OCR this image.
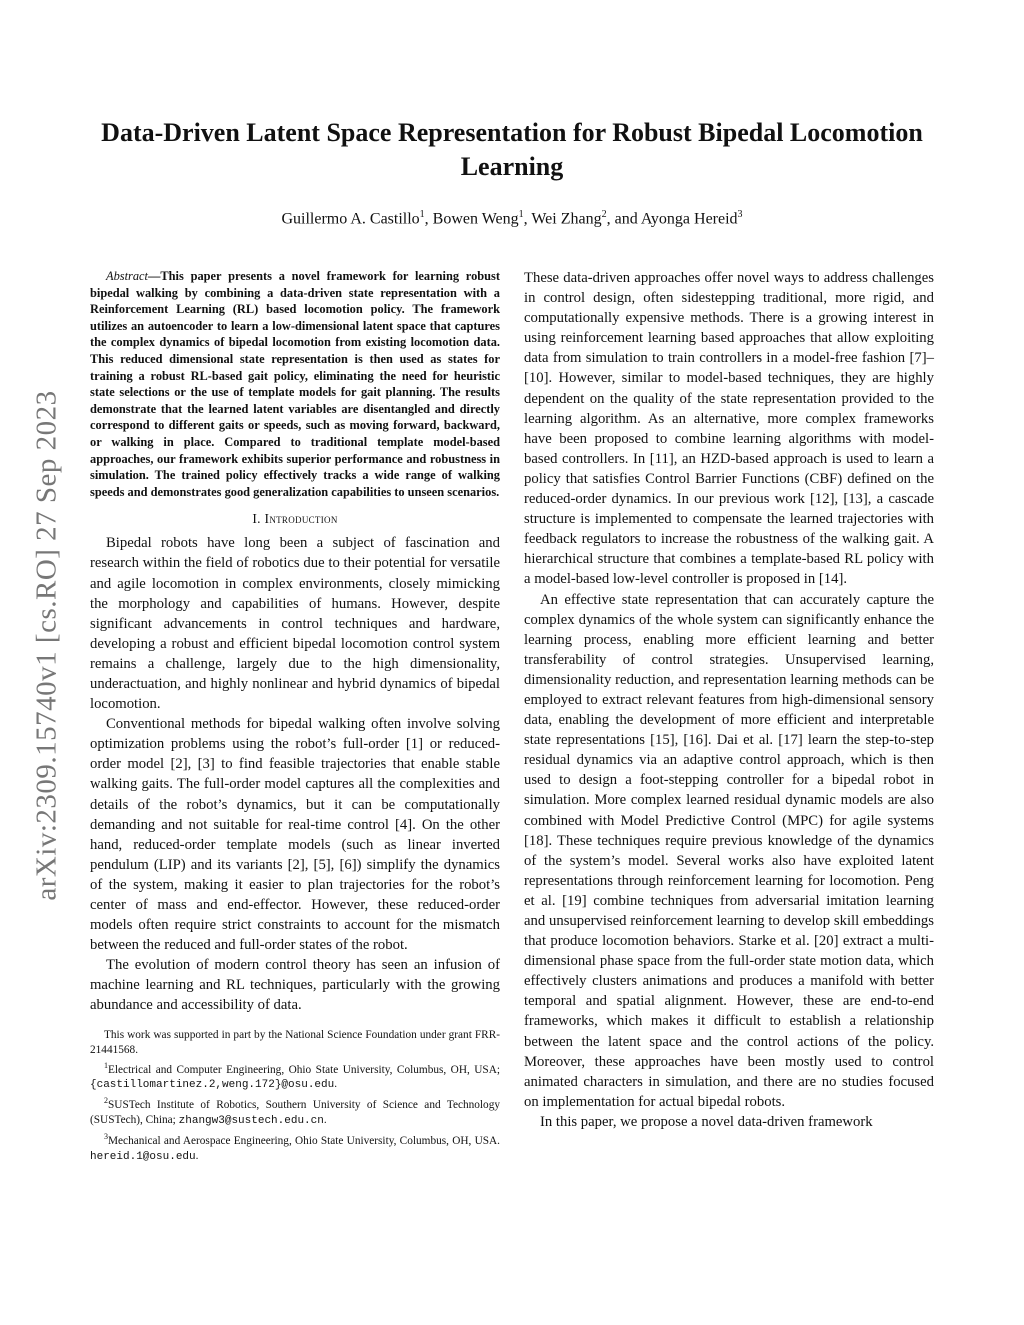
arXiv:2309.15740v1 [cs.RO] 27 Sep 2023
Data-Driven Latent Space Representation for Robust Bipedal Locomotion Learning
Guillermo A. Castillo$^1$, Bowen Weng$^1$, Wei Zhang$^2$, and Ayonga Hereid$^3$

Abstract—This paper presents a novel framework for learning robust bipedal walking by combining a data-driven state representation with a Reinforcement Learning (RL) based locomotion policy. The framework utilizes an autoencoder to learn a low-dimensional latent space that captures the complex dynamics of bipedal locomotion from existing locomotion data. This reduced dimensional state representation is then used as states for training a robust RL-based gait policy, eliminating the need for heuristic state selections or the use of template models for gait planning. The results demonstrate that the learned latent variables are disentangled and directly correspond to different gaits or speeds, such as moving forward, backward, or walking in place. Compared to traditional template model-based approaches, our framework exhibits superior performance and robustness in simulation. The trained policy effectively tracks a wide range of walking speeds and demonstrates good generalization capabilities to unseen scenarios.

I. Introduction

Bipedal robots have long been a subject of fascination and research within the field of robotics due to their potential for versatile and agile locomotion in complex environments, closely mimicking the morphology and capabilities of humans. However, despite significant advancements in control techniques and hardware, developing a robust and efficient bipedal locomotion control system remains a challenge, largely due to the high dimensionality, underactuation, and highly nonlinear and hybrid dynamics of bipedal locomotion.

Conventional methods for bipedal walking often involve solving optimization problems using the robot’s full-order [1] or reduced-order model [2], [3] to find feasible trajectories that enable stable walking gaits. The full-order model captures all the complexities and details of the robot’s dynamics, but it can be computationally demanding and not suitable for real-time control [4]. On the other hand, reduced-order template models (such as linear inverted pendulum (LIP) and its variants [2], [5], [6]) simplify the dynamics of the system, making it easier to plan trajectories for the robot’s center of mass and end-effector. However, these reduced-order models often require strict constraints to account for the mismatch between the reduced and full-order states of the robot.

The evolution of modern control theory has seen an infusion of machine learning and RL techniques, particularly with the growing abundance and accessibility of data.

This work was supported in part by the National Science Foundation under grant FRR-21441568.

$^1$Electrical and Computer Engineering, Ohio State University, Columbus, OH, USA; {castillomartinez.2,weng.172}@osu.edu.

$^2$SUSTech Institute of Robotics, Southern University of Science and Technology (SUSTech), China; zhangw3@sustech.edu.cn.

$^3$Mechanical and Aerospace Engineering, Ohio State University, Columbus, OH, USA. hereid.1@osu.edu.

These data-driven approaches offer novel ways to address challenges in control design, often sidestepping traditional, more rigid, and computationally expensive methods. There is a growing interest in using reinforcement learning based approaches that allow exploiting data from simulation to train controllers in a model-free fashion [7]–[10]. However, similar to model-based techniques, they are highly dependent on the quality of the state representation provided to the learning algorithm. As an alternative, more complex frameworks have been proposed to combine learning algorithms with model-based controllers. In [11], an HZD-based approach is used to learn a policy that satisfies Control Barrier Functions (CBF) defined on the reduced-order dynamics. In our previous work [12], [13], a cascade structure is implemented to compensate the learned trajectories with feedback regulators to increase the robustness of the walking gait. A hierarchical structure that combines a template-based RL policy with a model-based low-level controller is proposed in [14].

An effective state representation that can accurately capture the complex dynamics of the whole system can significantly enhance the learning process, enabling more efficient learning and better transferability of control strategies. Unsupervised learning, dimensionality reduction, and representation learning methods can be employed to extract relevant features from high-dimensional sensory data, enabling the development of more efficient and interpretable state representations [15], [16]. Dai et al. [17] learn the step-to-step residual dynamics via an adaptive control approach, which is then used to design a foot-stepping controller for a bipedal robot in simulation. More complex learned residual dynamic models are also combined with Model Predictive Control (MPC) for agile systems [18]. These techniques require previous knowledge of the dynamics of the system’s model. Several works also have exploited latent representations through reinforcement learning for locomotion. Peng et al. [19] combine techniques from adversarial imitation learning and unsupervised reinforcement learning to develop skill embeddings that produce locomotion behaviors. Starke et al. [20] extract a multi-dimensional phase space from the full-order state motion data, which effectively clusters animations and produces a manifold with better temporal and spatial alignment. However, these are end-to-end frameworks, which makes it difficult to establish a relationship between the latent space and the control actions of the policy. Moreover, these approaches have been mostly used to control animated characters in simulation, and there are no studies focused on implementation for actual bipedal robots.

In this paper, we propose a novel data-driven framework
